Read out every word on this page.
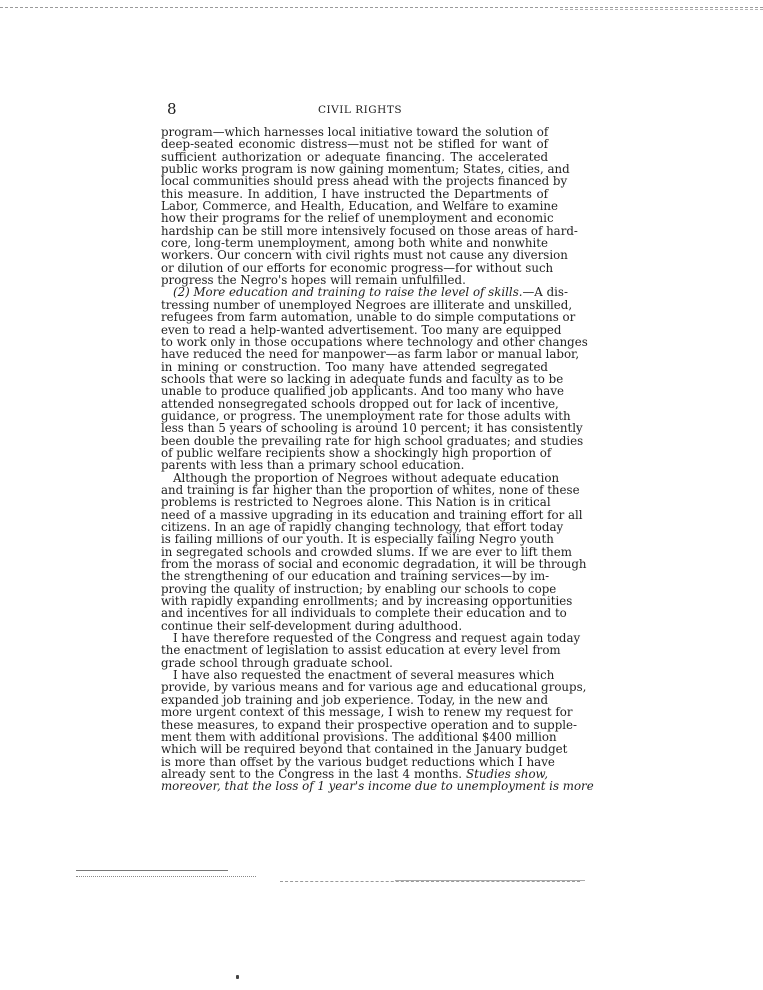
8	CIVIL RIGHTS

program—which harnesses local initiative toward the solution of
deep-seated economic distress—must not be stifled for want of
sufficient authorization or adequate financing. The accelerated
public works program is now gaining momentum; States, cities, and
local communities should press ahead with the projects financed by
this measure. In addition, I have instructed the Departments of
Labor, Commerce, and Health, Education, and Welfare to examine
how their programs for the relief of unemployment and economic
hardship can be still more intensively focused on those areas of hard-
core, long-term unemployment, among both white and nonwhite
workers. Our concern with civil rights must not cause any diversion
or dilution of our efforts for economic progress—for without such
progress the Negro's hopes will remain unfulfilled.

(2) More education and training to raise the level of skills.—A dis-
tressing number of unemployed Negroes are illiterate and unskilled,
refugees from farm automation, unable to do simple computations or
even to read a help-wanted advertisement. Too many are equipped
to work only in those occupations where technology and other changes
have reduced the need for manpower—as farm labor or manual labor,
in mining or construction. Too many have attended segregated
schools that were so lacking in adequate funds and faculty as to be
unable to produce qualified job applicants. And too many who have
attended nonsegregated schools dropped out for lack of incentive,
guidance, or progress. The unemployment rate for those adults with
less than 5 years of schooling is around 10 percent; it has consistently
been double the prevailing rate for high school graduates; and studies
of public welfare recipients show a shockingly high proportion of
parents with less than a primary school education.

Although the proportion of Negroes without adequate education
and training is far higher than the proportion of whites, none of these
problems is restricted to Negroes alone. This Nation is in critical
need of a massive upgrading in its education and training effort for all
citizens. In an age of rapidly changing technology, that effort today
is failing millions of our youth. It is especially failing Negro youth
in segregated schools and crowded slums. If we are ever to lift them
from the morass of social and economic degradation, it will be through
the strengthening of our education and training services—by im-
proving the quality of instruction; by enabling our schools to cope
with rapidly expanding enrollments; and by increasing opportunities
and incentives for all individuals to complete their education and to
continue their self-development during adulthood.

I have therefore requested of the Congress and request again today
the enactment of legislation to assist education at every level from
grade school through graduate school.

I have also requested the enactment of several measures which
provide, by various means and for various age and educational groups,
expanded job training and job experience. Today, in the new and
more urgent context of this message, I wish to renew my request for
these measures, to expand their prospective operation and to supple-
ment them with additional provisions. The additional $400 million
which will be required beyond that contained in the January budget
is more than offset by the various budget reductions which I have
already sent to the Congress in the last 4 months. Studies show,
moreover, that the loss of 1 year's income due to unemployment is more
